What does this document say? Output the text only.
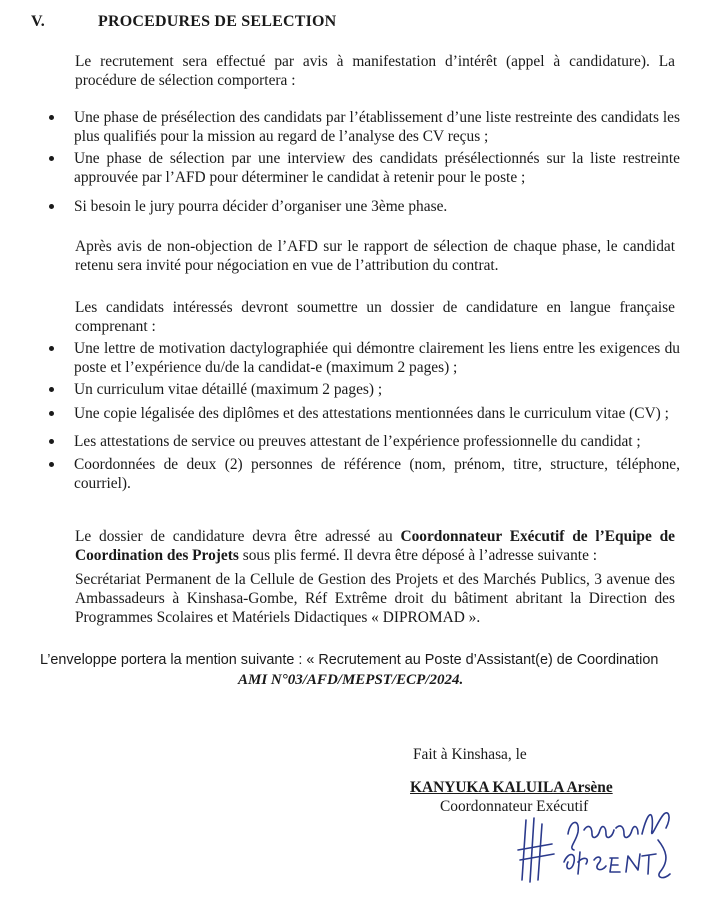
V.	PROCEDURES DE SELECTION
Le recrutement sera effectué par avis à manifestation d’intérêt (appel à candidature). La procédure de sélection comportera :
Une phase de présélection des candidats par l’établissement d’une liste restreinte des candidats les plus qualifiés pour la mission au regard de l’analyse des CV reçus ;
Une phase de sélection par une interview des candidats présélectionnés sur la liste restreinte approuvée par l’AFD pour déterminer le candidat à retenir pour le poste ;
Si besoin le jury pourra décider d’organiser une 3ème phase.
Après avis de non-objection de l’AFD sur le rapport de sélection de chaque phase, le candidat retenu sera invité pour négociation en vue de l’attribution du contrat.
Les candidats intéressés devront soumettre un dossier de candidature en langue française comprenant :
Une lettre de motivation dactylographiée qui démontre clairement les liens entre les exigences du poste et l’expérience du/de la candidat-e (maximum 2 pages) ;
Un curriculum vitae détaillé (maximum 2 pages) ;
Une copie légalisée des diplômes et des attestations mentionnées dans le curriculum vitae (CV) ;
Les attestations de service ou preuves attestant de l’expérience professionnelle du candidat ;
Coordonnées de deux (2) personnes de référence (nom, prénom, titre, structure, téléphone, courriel).
Le dossier de candidature devra être adressé au Coordonnateur Exécutif de l’Equipe de Coordination des Projets sous plis fermé. Il devra être déposé à l’adresse suivante :
Secrétariat Permanent de la Cellule de Gestion des Projets et des Marchés Publics, 3 avenue des Ambassadeurs à Kinshasa-Gombe, Réf Extrême droit du bâtiment abritant la Direction des Programmes Scolaires et Matériels Didactiques « DIPROMAD ».
L’enveloppe portera la mention suivante : « Recrutement au Poste d’Assistant(e) de Coordination
AMI N°03/AFD/MEPST/ECP/2024.
Fait à Kinshasa, le
KANYUKA KALUILA Arsène
Coordonnateur Exécutif
